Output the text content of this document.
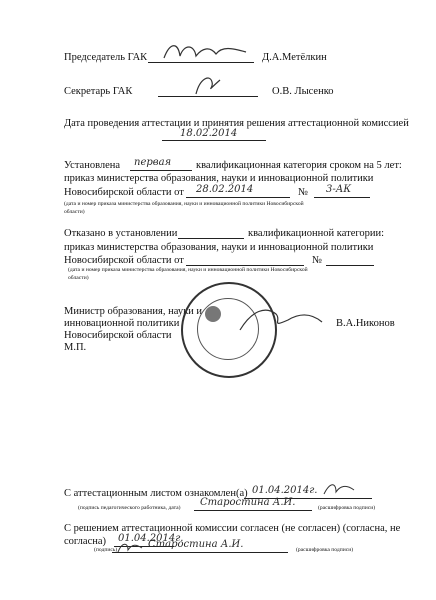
Председатель ГАК	Д.А.Метёлкин
Секретарь ГАК	О.В. Лысенко
Дата проведения аттестации и принятия решения аттестационной комиссией
18.02.2014
Установлена первая квалификационная категория сроком на 5 лет:
приказ министерства образования, науки и инновационной политики
Новосибирской области от 28.02.2014	№ 3-АК
(дата и номер приказа министерства образования, науки и инновационной политики Новосибирской
области)
Отказано в установлении	квалификационной категории:
приказ министерства образования, науки и инновационной политики
Новосибирской области от	№
(дата и номер приказа министерства образования, науки и инновационной политики Новосибирской
области)
Министр образования, науки и
инновационной политики
Новосибирской области
М.П.
В.А.Никонов
С аттестационным листом ознакомлен(а) 01.04.2014г.
(подпись педагогического работника, дата) Старостина А.И.	(расшифровка подписи)
С решением аттестационной комиссии согласен (не согласен) (согласна, не
согласна) 01.04.2014г.
(подпись)	Старостина А.И.	(расшифровка подписи)
